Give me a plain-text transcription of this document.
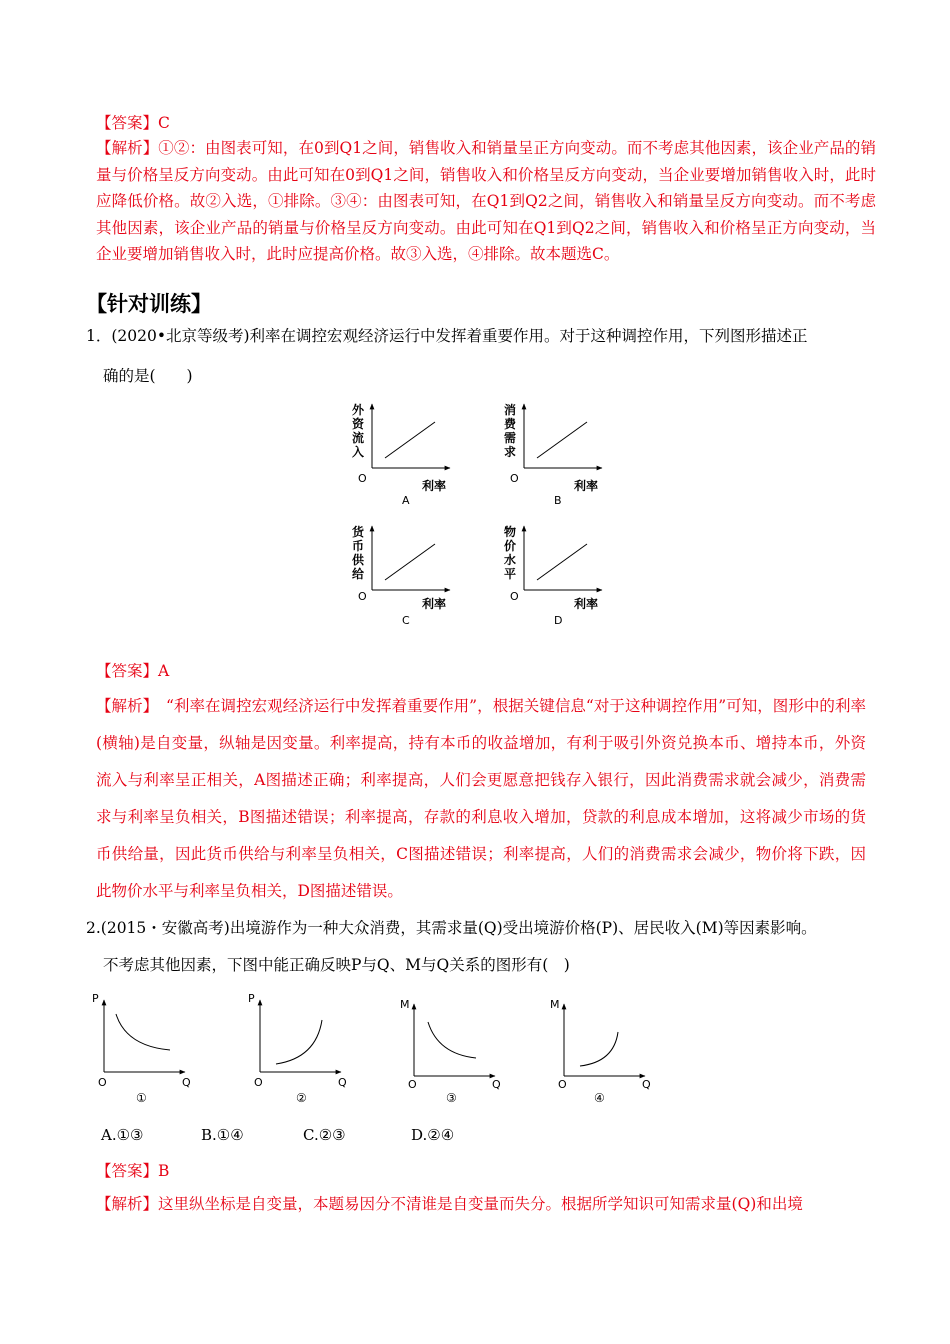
【答案】C
【解析】①②：由图表可知，在0到Q1之间，销售收入和销量呈正方向变动。而不考虑其他因素，该企业产品的销量与价格呈反方向变动。由此可知在0到Q1之间，销售收入和价格呈反方向变动，当企业要增加销售收入时，此时应降低价格。故②入选，①排除。③④：由图表可知，在Q1到Q2之间，销售收入和销量呈反方向变动。而不考虑其他因素，该企业产品的销量与价格呈反方向变动。由此可知在Q1到Q2之间，销售收入和价格呈正方向变动，当企业要增加销售收入时，此时应提高价格。故③入选，④排除。故本题选C。
【针对训练】
1．(2020•北京等级考)利率在调控宏观经济运行中发挥着重要作用。对于这种调控作用，下列图形描述正
确的是(　　)
外
资
流
入
O
利率
A
消
费
需
求
O
利率
B
货
币
供
给
O
利率
C
物
价
水
平
O
利率
D
【答案】A
【解析】　“利率在调控宏观经济运行中发挥着重要作用”，根据关键信息“对于这种调控作用”可知，图形中的利率(横轴)是自变量，纵轴是因变量。利率提高，持有本币的收益增加，有利于吸引外资兑换本币、增持本币，外资流入与利率呈正相关，A图描述正确；利率提高，人们会更愿意把钱存入银行，因此消费需求就会减少，消费需求与利率呈负相关，B图描述错误；利率提高，存款的利息收入增加，贷款的利息成本增加，这将减少市场的货币供给量，因此货币供给与利率呈负相关，C图描述错误；利率提高，人们的消费需求会减少，物价将下跌，因此物价水平与利率呈负相关，D图描述错误。
2.(2015・安徽高考)出境游作为一种大众消费，其需求量(Q)受出境游价格(P)、居民收入(M)等因素影响。
不考虑其他因素，下图中能正确反映P与Q、M与Q关系的图形有(　)
P
O	Q
①
P
O	Q
②
M
O	Q
③
M
O	Q
④
A.①③	B.①④	C.②③	D.②④
【答案】B
【解析】这里纵坐标是自变量，本题易因分不清谁是自变量而失分。根据所学知识可知需求量(Q)和出境
